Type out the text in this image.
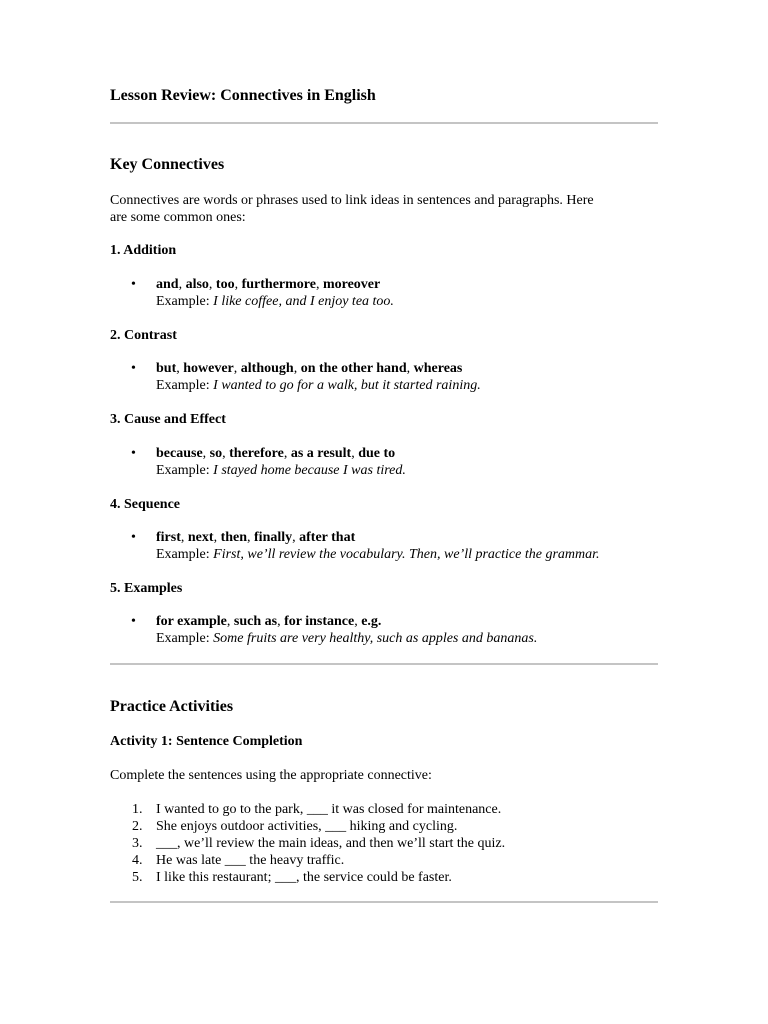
Lesson Review: Connectives in English
Key Connectives

Connectives are words or phrases used to link ideas in sentences and paragraphs. Here
are some common ones:

1. Addition
• and, also, too, furthermore, moreover
Example: I like coffee, and I enjoy tea too.
2. Contrast
• but, however, although, on the other hand, whereas
Example: I wanted to go for a walk, but it started raining.
3. Cause and Effect
• because, so, therefore, as a result, due to
Example: I stayed home because I was tired.
4. Sequence
• first, next, then, finally, after that
Example: First, we’ll review the vocabulary. Then, we’ll practice the grammar.
5. Examples
• for example, such as, for instance, e.g.
Example: Some fruits are very healthy, such as apples and bananas.
Practice Activities
Activity 1: Sentence Completion

Complete the sentences using the appropriate connective:

1. I wanted to go to the park, ___ it was closed for maintenance.
2. She enjoys outdoor activities, ___ hiking and cycling.
3. ___, we’ll review the main ideas, and then we’ll start the quiz.
4. He was late ___ the heavy traffic.
5. I like this restaurant; ___, the service could be faster.
